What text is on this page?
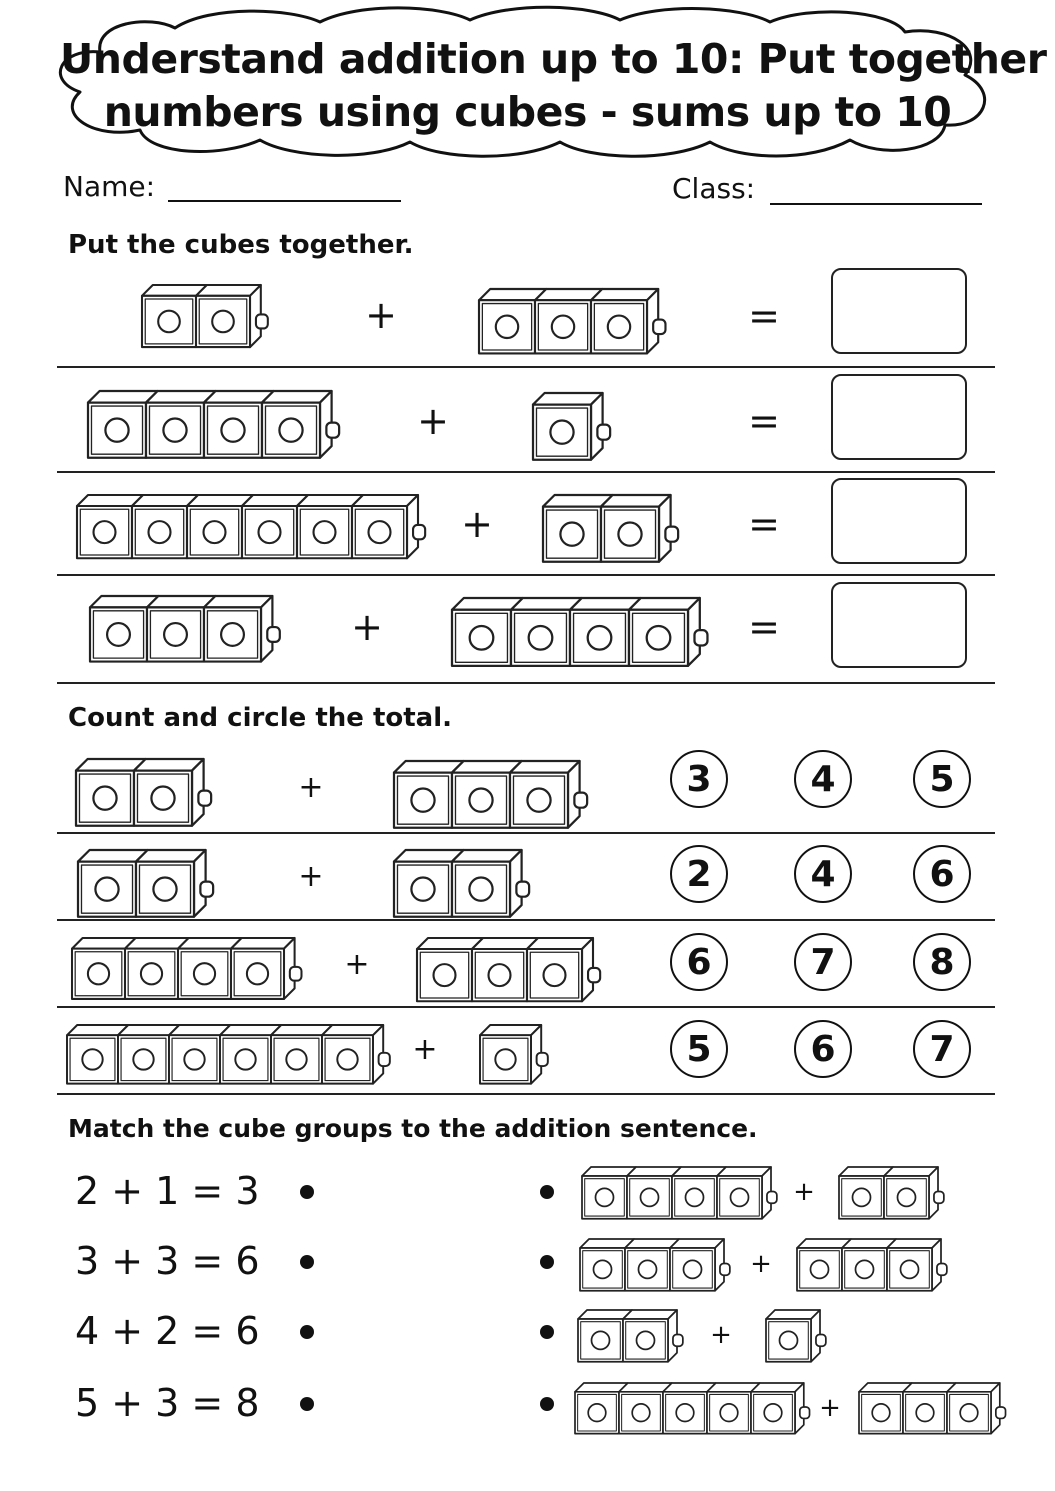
Understand addition up to 10: Put together
numbers using cubes - sums up to 10
Name:	Class:
Put the cubes together.
+	=
+	=
+	=
+	=
Count and circle the total.
+	3	4	5
+	2	4	6
+	6	7	8
+	5	6	7
Match the cube groups to the addition sentence.
2 + 1 = 3
3 + 3 = 6
4 + 2 = 6
5 + 3 = 8
+
+
+
+
